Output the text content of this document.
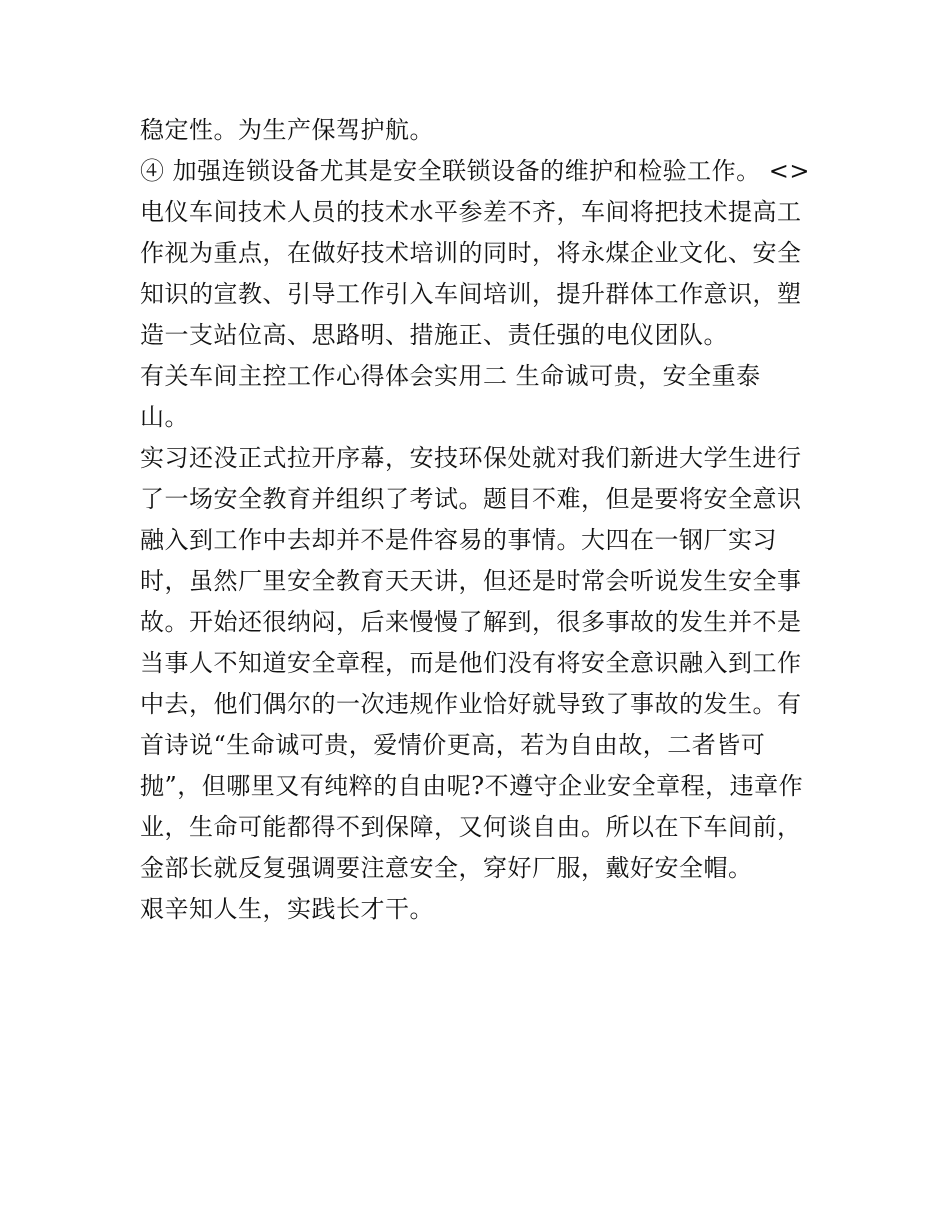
稳定性。为生产保驾护航。
④ 加强连锁设备尤其是安全联锁设备的维护和检验工作。 <>
电仪车间技术人员的技术水平参差不齐，车间将把技术提高工
作视为重点，在做好技术培训的同时，将永煤企业文化、安全
知识的宣教、引导工作引入车间培训，提升群体工作意识，塑
造一支站位高、思路明、措施正、责任强的电仪团队。
有关车间主控工作心得体会实用二 生命诚可贵，安全重泰
山。
实习还没正式拉开序幕，安技环保处就对我们新进大学生进行
了一场安全教育并组织了考试。题目不难，但是要将安全意识
融入到工作中去却并不是件容易的事情。大四在一钢厂实习
时，虽然厂里安全教育天天讲，但还是时常会听说发生安全事
故。开始还很纳闷，后来慢慢了解到，很多事故的发生并不是
当事人不知道安全章程，而是他们没有将安全意识融入到工作
中去，他们偶尔的一次违规作业恰好就导致了事故的发生。有
首诗说“生命诚可贵，爱情价更高，若为自由故，二者皆可
抛”，但哪里又有纯粹的自由呢?不遵守企业安全章程，违章作
业，生命可能都得不到保障，又何谈自由。所以在下车间前，
金部长就反复强调要注意安全，穿好厂服，戴好安全帽。
艰辛知人生，实践长才干。
